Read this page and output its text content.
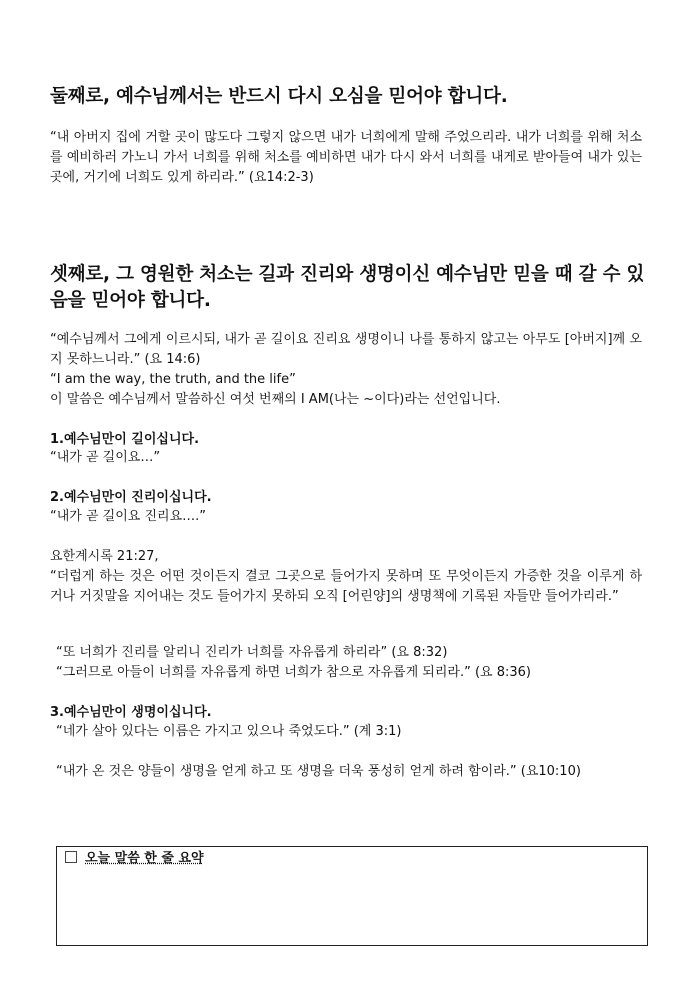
둘째로, 예수님께서는 반드시 다시 오심을 믿어야 합니다.
“내 아버지 집에 거할 곳이 많도다 그렇지 않으면 내가 너희에게 말해 주었으리라. 내가 너희를 위해 처소를 예비하러 가노니 가서 너희를 위해 처소를 예비하면 내가 다시 와서 너희를 내게로 받아들여 내가 있는 곳에, 거기에 너희도 있게 하리라.” (요14:2-3)
셋째로, 그 영원한 처소는 길과 진리와 생명이신 예수님만 믿을 때 갈 수 있음을 믿어야 합니다.
“예수님께서 그에게 이르시되, 내가 곧 길이요 진리요 생명이니 나를 통하지 않고는 아무도 [아버지]께 오지 못하느니라.” (요 14:6)
“I am the way, the truth, and the life”
이 말씀은 예수님께서 말씀하신 여섯 번째의 I AM(나는 ~이다)라는 선언입니다.
1.예수님만이 길이십니다.
“내가 곧 길이요…”
2.예수님만이 진리이십니다.
“내가 곧 길이요 진리요….”
요한계시록 21:27,
“더럽게 하는 것은 어떤 것이든지 결코 그곳으로 들어가지 못하며 또 무엇이든지 가증한 것을 이루게 하거나 거짓말을 지어내는 것도 들어가지 못하되 오직 [어린양]의 생명책에 기록된 자들만 들어가리라.”
“또 너희가 진리를 알리니 진리가 너희를 자유롭게 하리라” (요 8:32)
“그러므로 아들이 너희를 자유롭게 하면 너희가 참으로 자유롭게 되리라.” (요 8:36)
3.예수님만이 생명이십니다.
“네가 살아 있다는 이름은 가지고 있으나 죽었도다.” (계 3:1)
“내가 온 것은 양들이 생명을 얻게 하고 또 생명을 더욱 풍성히 얻게 하려 함이라.” (요10:10)
오늘 말씀 한 줄 요약
